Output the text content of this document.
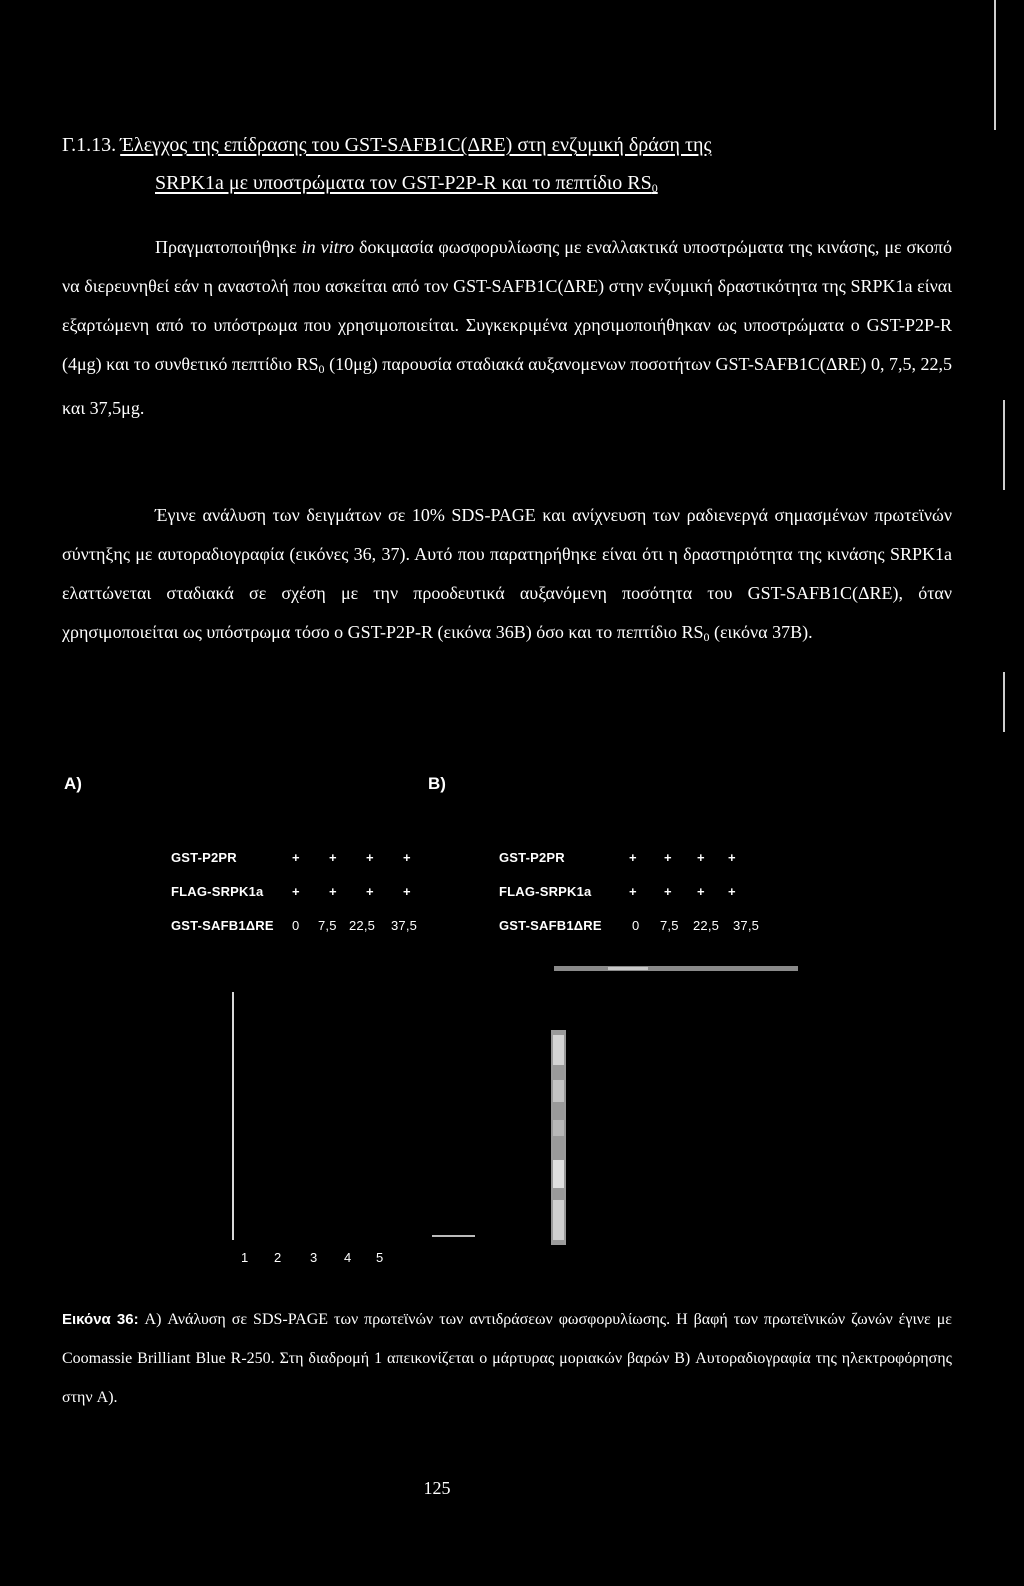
Γ.1.13. Έλεγχος της επίδρασης του GST-SAFB1C(ΔRE) στη ενζυμική δράση της
SRPK1a με υποστρώματα τον GST-P2P-R και το πεπτίδιο $RS_0$

Πραγματοποιήθηκε in vitro δοκιμασία φωσφορυλίωσης με εναλλακτικά υποστρώματα της κινάσης, με σκοπό να διερευνηθεί εάν η αναστολή που ασκείται από τον GST-SAFB1C(ΔRE) στην ενζυμική δραστικότητα της SRPK1a είναι εξαρτώμενη από το υπόστρωμα που χρησιμοποιείται. Συγκεκριμένα χρησιμοποιήθηκαν ως υποστρώματα ο GST-P2P-R (4μg) και το συνθετικό πεπτίδιο $RS_0$ (10μg) παρουσία σταδιακά αυξανομενων ποσοτήτων GST-SAFB1C(ΔRE) 0, 7,5, 22,5 και 37,5μg.

Έγινε ανάλυση των δειγμάτων σε 10% SDS-PAGE και ανίχνευση των ραδιενεργά σημασμένων πρωτεϊνών σύντηξης με αυτοραδιογραφία (εικόνες 36, 37). Αυτό που παρατηρήθηκε είναι ότι η δραστηριότητα της κινάσης SRPK1a ελαττώνεται σταδιακά σε σχέση με την προοδευτικά αυξανόμενη ποσότητα του GST-SAFB1C(ΔRE), όταν χρησιμοποιείται ως υπόστρωμα τόσο ο GST-P2P-R (εικόνα 36B) όσο και το πεπτίδιο $RS_0$ (εικόνα 37B).

A)	B)
GST-P2PR	+ + + +
FLAG-SRPK1a + + + +
GST-SAFB1ΔRE 0 7,5 22,5 37,5
GST-P2PR	+ + + +
FLAG-SRPK1a	+ + + +
GST-SAFB1ΔRE 0 7,5 22,5 37,5
1 2 3 4 5
Εικόνα 36: A) Ανάλυση σε SDS-PAGE των πρωτεϊνών των αντιδράσεων φωσφορυλίωσης. Η βαφή των πρωτεϊνικών ζωνών έγινε με Coomassie Brilliant Blue R-250. Στη διαδρομή 1 απεικονίζεται ο μάρτυρας μοριακών βαρών B) Αυτοραδιογραφία της ηλεκτροφόρησης στην A).
125
